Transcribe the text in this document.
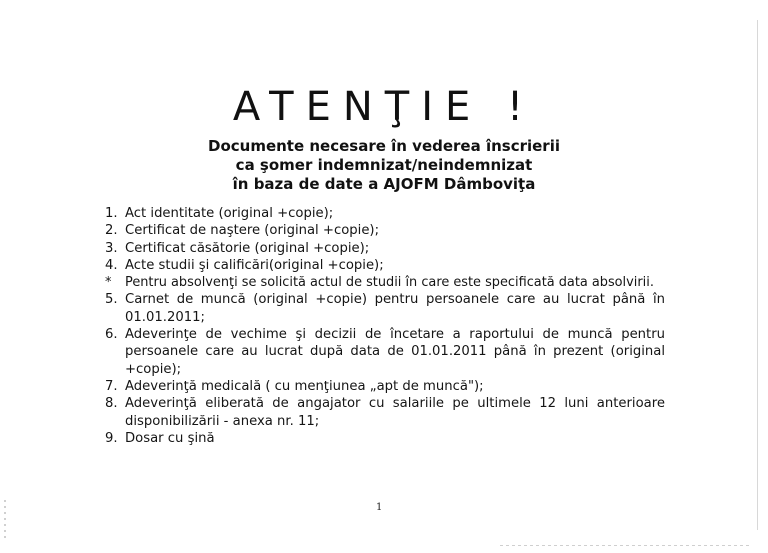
ATENŢIE !
Documente necesare în vederea înscrierii
ca şomer indemnizat/neindemnizat
în baza de date a AJOFM Dâmboviţa
1. Act identitate (original +copie);
2. Certificat de naştere (original +copie);
3. Certificat căsătorie (original +copie);
4. Acte studii şi calificări(original +copie);
* Pentru absolvenţi se solicită actul de studii în care este specificată data absolvirii.
5. Carnet de muncă (original +copie) pentru persoanele care au lucrat până în 01.01.2011;
6. Adeverinţe de vechime şi decizii de încetare a raportului de muncă pentru persoanele care au lucrat după data de 01.01.2011 până în prezent (original +copie);
7. Adeverinţă medicală ( cu menţiunea „apt de muncă");
8. Adeverinţă eliberată de angajator cu salariile pe ultimele 12 luni anterioare disponibilizării - anexa nr. 11;
9. Dosar cu şină
1
